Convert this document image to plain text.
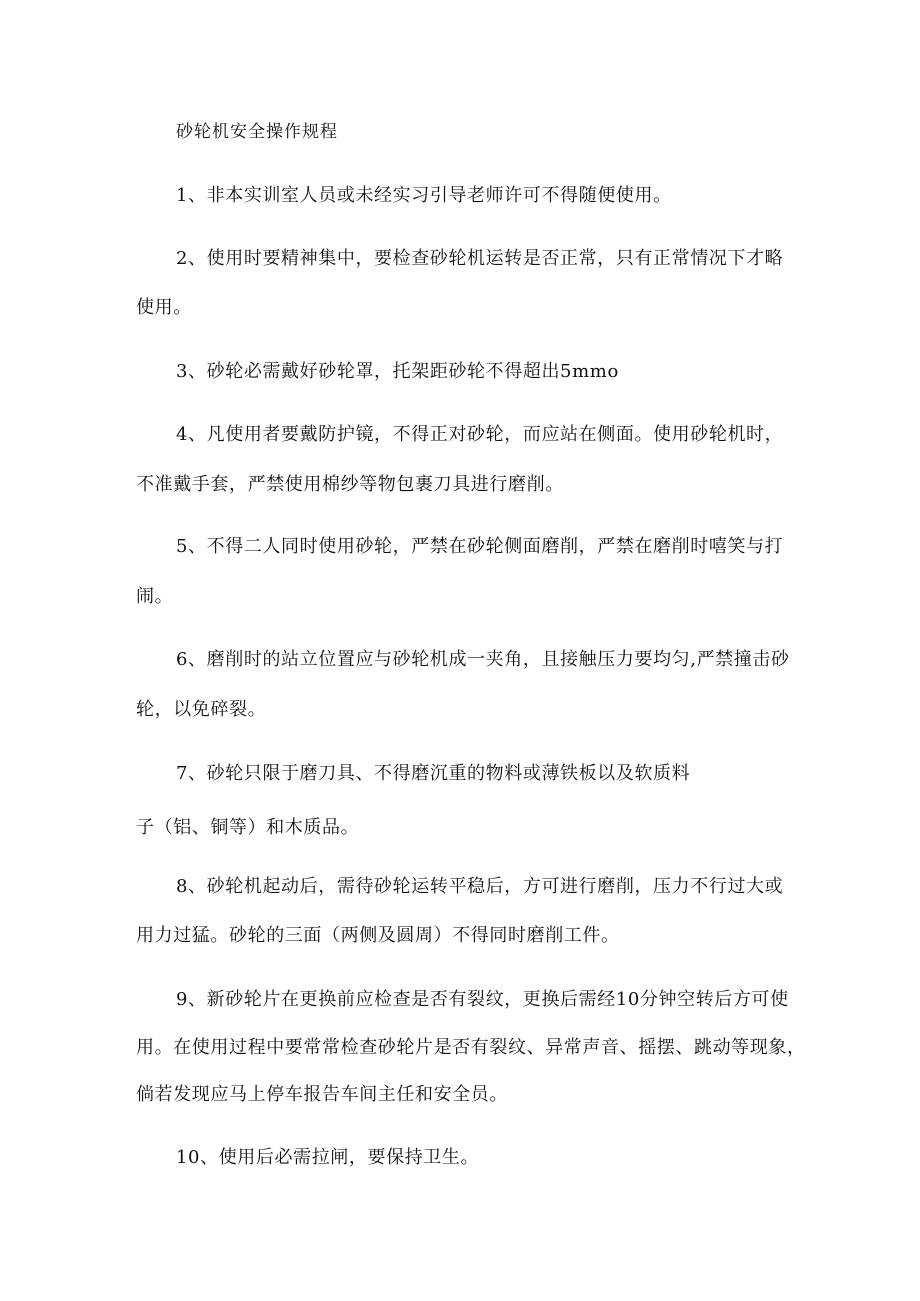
砂轮机安全操作规程

1、非本实训室人员或未经实习引导老师许可不得随便使用。

2、使用时要精神集中，要检查砂轮机运转是否正常，只有正常情况下才略

使用。

3、砂轮必需戴好砂轮罩，托架距砂轮不得超出5mmo

4、凡使用者要戴防护镜，不得正对砂轮，而应站在侧面。使用砂轮机时，

不准戴手套，严禁使用棉纱等物包裹刀具进行磨削。

5、不得二人同时使用砂轮，严禁在砂轮侧面磨削，严禁在磨削时嘻笑与打

闹。

6、磨削时的站立位置应与砂轮机成一夹角，且接触压力要均匀,严禁撞击砂

轮，以免碎裂。

7、砂轮只限于磨刀具、不得磨沉重的物料或薄铁板以及软质料

子（铝、铜等）和木质品。

8、砂轮机起动后，需待砂轮运转平稳后，方可进行磨削，压力不行过大或

用力过猛。砂轮的三面（两侧及圆周）不得同时磨削工件。

9、新砂轮片在更换前应检查是否有裂纹，更换后需经10分钟空转后方可使

用。在使用过程中要常常检查砂轮片是否有裂纹、异常声音、摇摆、跳动等现象，

倘若发现应马上停车报告车间主任和安全员。

10、使用后必需拉闸，要保持卫生。
